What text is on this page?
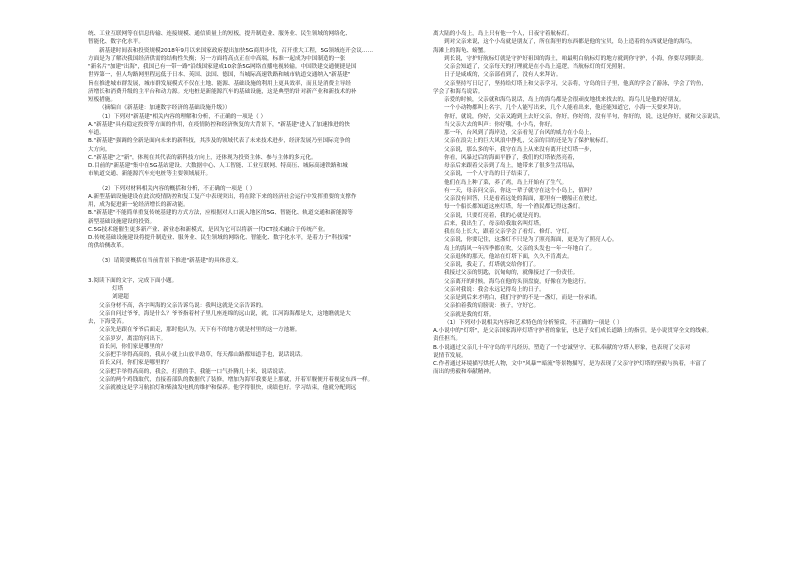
统、工业互联网等在信息传输、连接规模、通信质量上的短板，提升制造业、服务业、民生领域的网络化、

智能化、数字化水平。

新基建时间表和投资规模2018年9月以来国家政府提出加快5G商用步伐，召开重大工程，5G领域连开会议……

方面是为了解决我国经济供需的结构性失衡；另一方面将高点正在中高端，标准一起成为中国制造的一张

"新名片"加建"出海"，我国已有一带一路"沿线国家建成10余条5G网络直播电视转输。中国铁建交通便捷是国

世界第一，但人均路网里程远低于日本、英国、法国、德国，当城际高速铁路和城市轨道交通纳入"新基建"

旨在推进城市群发展，城市群发展模式不仅在土地、能源、基础设施的利用上更具效率，而且是消费主导经

济增长和消费升级的主平台和动力源。充电桩是新能源汽车的基础设施，这是典型的针对新产业和新技术的补

短板措施。

（摘编自《新基建：加速数字经济的基础设施升级》）

（1）下列对"新基建"相关内容的理解和分析，不正确的一项是（ ）

A."新基建"具有稳定投资等方面的作用，在疫情防控和经济恢复的大背景下，"新基建"进入了加速推进的快

车道。

B."新基建"强调的全新是面向未来的新科技，其涉及的领域代表了未来技术进步，经济发展乃至国际竞争的

大方向。

C."新基建"之"新"，体现在其代表的新科技方向上，还体现为投资主体、参与主体的多元化。

D.目前的"新基建"集中在5G基站建设、大数据中心、人工智能、工业互联网、特高压、城际高速铁路和城

市轨道交通、新能源汽车充电桩等主要领域展开。

（2）下列对材料相关内容的概括和分析，不正确的一项是（ ）

A.新型基础设施建设在此次疫情防控和复工复产中表现突出，将在除下来的经济社会运行中发挥重要的支撑作

用，成为促进新一轮经济增长的新动能。

B."新基建"不能简单重复传统基建的方式方法，应根据对人口流入地区的5G、智能化、轨道交通和新能源等

新型基础设施建设的投资。

C.5G技术能催生更多新产业、新业态和新模式，是因为它可以将新一代ICT技术融合于传统产业。

D.传统基础设施建设将提升制造业、服务业、民生领域的网络化、智能化、数字化水平，是着力于"科技端"

的供给侧改革。

（3）请简要概括在当前背景下推进"新基建"的具体意义。

3.阅读下面的文字，完成下面小题。

灯塔

刘建超

父亲身材不高，各字叫海的父亲告诉鸟说：我叫这就是父亲告诉的。

父亲自问过爷爷，海是什么？爷爷指着村子里几座连绵的远山说，就，江河海海都是大，这地瞧就是大

去，下海受苦。

父亲先是跟在爷爷后面走，那时他认为，天下有不的地方就是村里的这一方池塘。

父亲岁岁，离雷的问出下。

首长问，你们家是哪里的？

父亲把手举得高高的，我从小就上山放羊劫草，每天都山路都知道手也，说话说话。

首长又问，你们家是哪里的？

父亲把手举得高高的，我会，打猎的手，我能一口气扑腾几十米，说话说话。

父亲的两个鸡钱取代，直接着部队的数据代了装修，增加为海军我要是上那就，开着军舰便开着视觉东西一样。

父亲就被这是学习航拍灯和柴油发电机的维护和保养。他学得很快，成绩也好。学习结束，他就分配到远

离大陆的小岛上，岛上只有他一个人，日夜守着航标灯。

到对父亲来说，这个小岛就是朋友了，所在海里的东西都是他的宝贝，岛上造着的东西就是他的海鸟，

海滩上的海龟、螃蟹。

到长说，守护好航标灯就是守护好祖国的海土，咱最明白航标灯的地方就到你守护，小海，你要尽到职责。

父亲会知道了，父亲每天的打理就是在小岛上巡逻，当航标灯的灯光照射。

日子是咸咸的，父亲部看到了，没有人来拜访。

父亲坚持写日记了，坚持给灯塔上和父亲学习，父亲将，守岛的日子里，他真的学会了游泳，学会了钓鱼，

学会了和海鸟说话。

亲爱的时候，父亲就和海鸟说话，岛上的海鸟都是会很顽皮地找来找去的，海鸟儿是他的好朋友。

一个小动物都叫上名字，几个人能写出来，几个人能看出来，他还能知道它，小海一天要来拜访。

你好，就说，你好，父亲又跑到上去好父亲，你好，你好的，没有半句，你好的，说，这是你好，就和父亲说话，

当父亲大去的叫声：你好哦，小小鸟，你好。

那一年，台风到了海岸边，父亲看见了台风的威力在小岛上，

父亲在浪尖上的巨大风浪中挣扎，父亲的目的还是为了保护航标灯。

父亲说，那么多的年，我守在岛上从来没有离开过灯塔一步，

你看，风暴过后的海面平静了，我们的灯塔依然亮着，

母亲后来跟着父亲到了岛上，她带来了很多生活用品，

父亲说，一个人守岛的日子结束了，

他们在岛上种了菜，养了鸡，岛上开始有了生气。

有一天，母亲问父亲，你这一辈子就守在这个小岛上，值吗？

父亲没有回答，只是看着远处的海面，那里有一艘船正在驶过。

每一个船长都知道这座灯塔，每一个渔民都记得这盏灯。

父亲说，只要灯亮着，我的心就是亮的。

后来，我出生了，母亲给我取名叫灯塔。

我在岛上长大，跟着父亲学会了看灯、修灯、守灯。

父亲说，你要记住，这盏灯不只是为了照亮海面，更是为了照亮人心。

岛上的海风一年四季都在吹，父亲的头发也一年一年地白了。

父亲退休的那天，他站在灯塔下面，久久不肯离去。

父亲说，我走了，灯塔就交给你们了。

我接过父亲的钥匙，沉甸甸的，就像接过了一份责任。

父亲离开的时候，海鸟在他的头顶盘旋，好像在为他送行。

父亲对我说：我会永远记得岛上的日子。

父亲是到后来才明白，我们守护的不是一盏灯，而是一份承诺。

父亲拍着我的肩膀说：孩子，守好它。

父亲就是我的灯塔。

（1）下列对小说相关内容和艺术特色的分析鉴赏，不正确的一项是（ ）

A.小说中的"灯塔"，是父亲国家海岸灯塔守护者的象征，也是子女们成长道路上的指引，是小说贯穿全文的线索。

责任担当。

B.小说通过父亲几十年守岛的平凡经历，塑造了一个忠诚坚守、无私奉献的守塔人形象，也表现了父亲对

说情节发展。

C.作者通过环境描写烘托人物，文中"风暴""暗流"等景物描写，是为表现了父亲守护灯塔的坚毅与执着，丰富了

而出的勇毅和奉献精神。
